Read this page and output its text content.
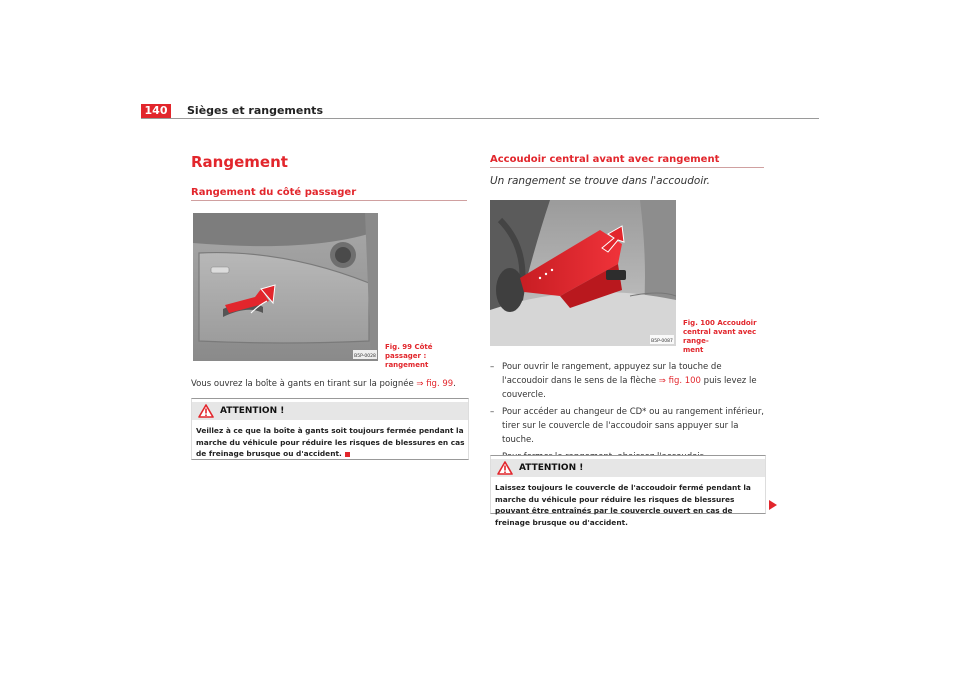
140	Sièges et rangements
Rangement
Rangement du côté passager
B5P-0028
Fig. 99 Côté passager :
rangement
Vous ouvrez la boîte à gants en tirant sur la poignée ⇒ fig. 99.
ATTENTION !
Veillez à ce que la boîte à gants soit toujours fermée pendant la marche du véhicule pour réduire les risques de blessures en cas de freinage brusque ou d'accident.
Accoudoir central avant avec rangement
Un rangement se trouve dans l'accoudoir.
B5P-0087
Fig. 100 Accoudoir
central avant avec range-
ment
– Pour ouvrir le rangement, appuyez sur la touche de l'accoudoir dans le sens de la flèche ⇒ fig. 100 puis levez le couvercle.
– Pour accéder au changeur de CD* ou au rangement inférieur, tirer sur le couvercle de l'accoudoir sans appuyer sur la touche.
ATTENTION !
Laissez toujours le couvercle de l'accoudoir fermé pendant la marche du véhicule pour réduire les risques de blessures pouvant être entraînés par le couvercle ouvert en cas de freinage brusque ou d'accident.
